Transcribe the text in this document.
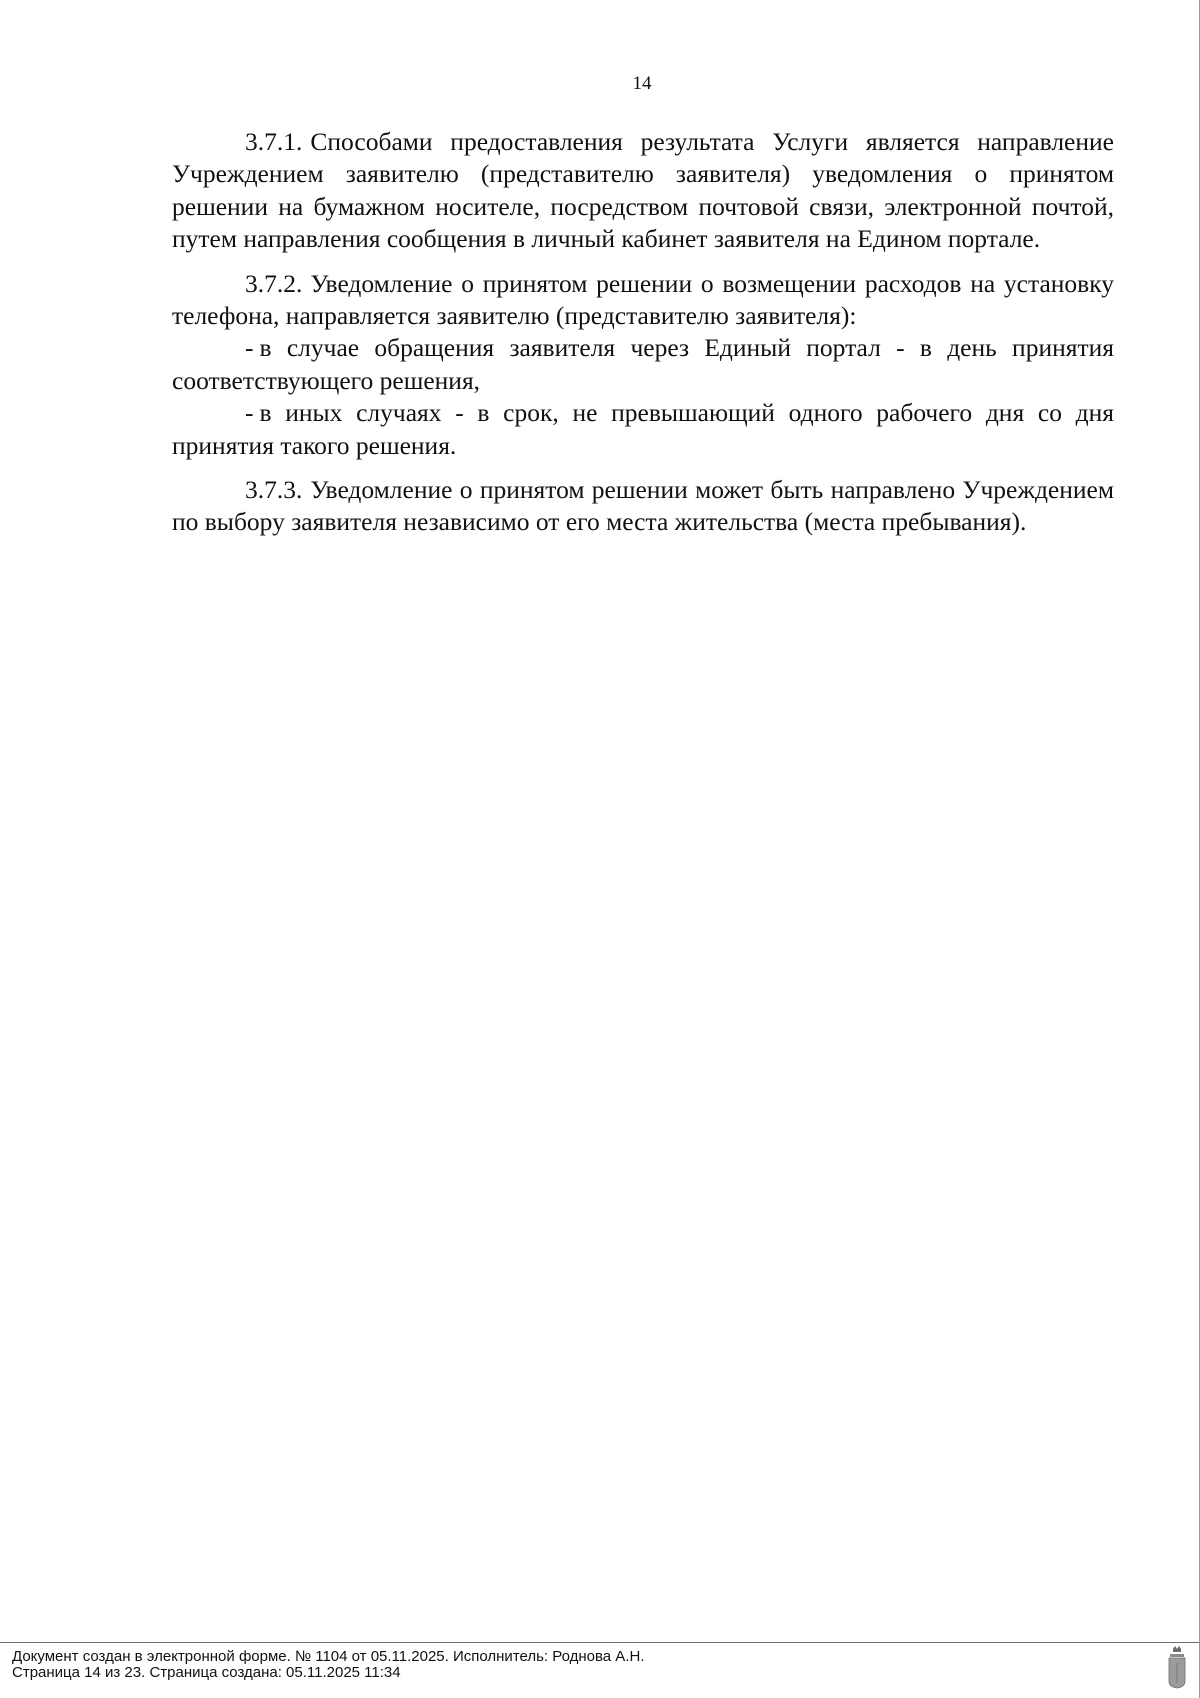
14

3.7.1. Способами предоставления результата Услуги является направление Учреждением заявителю (представителю заявителя) уведомления о принятом решении на бумажном носителе, посредством почтовой связи, электронной почтой, путем направления сообщения в личный кабинет заявителя на Едином портале.

3.7.2. Уведомление о принятом решении о возмещении расходов на установку телефона, направляется заявителю (представителю заявителя):

- в случае обращения заявителя через Единый портал - в день принятия соответствующего решения,

- в иных случаях - в срок, не превышающий одного рабочего дня со дня принятия такого решения.

3.7.3. Уведомление о принятом решении может быть направлено Учреждением по выбору заявителя независимо от его места жительства (места пребывания).

Документ создан в электронной форме. № 1104 от 05.11.2025. Исполнитель: Роднова А.Н.
Страница 14 из 23. Страница создана: 05.11.2025 11:34
